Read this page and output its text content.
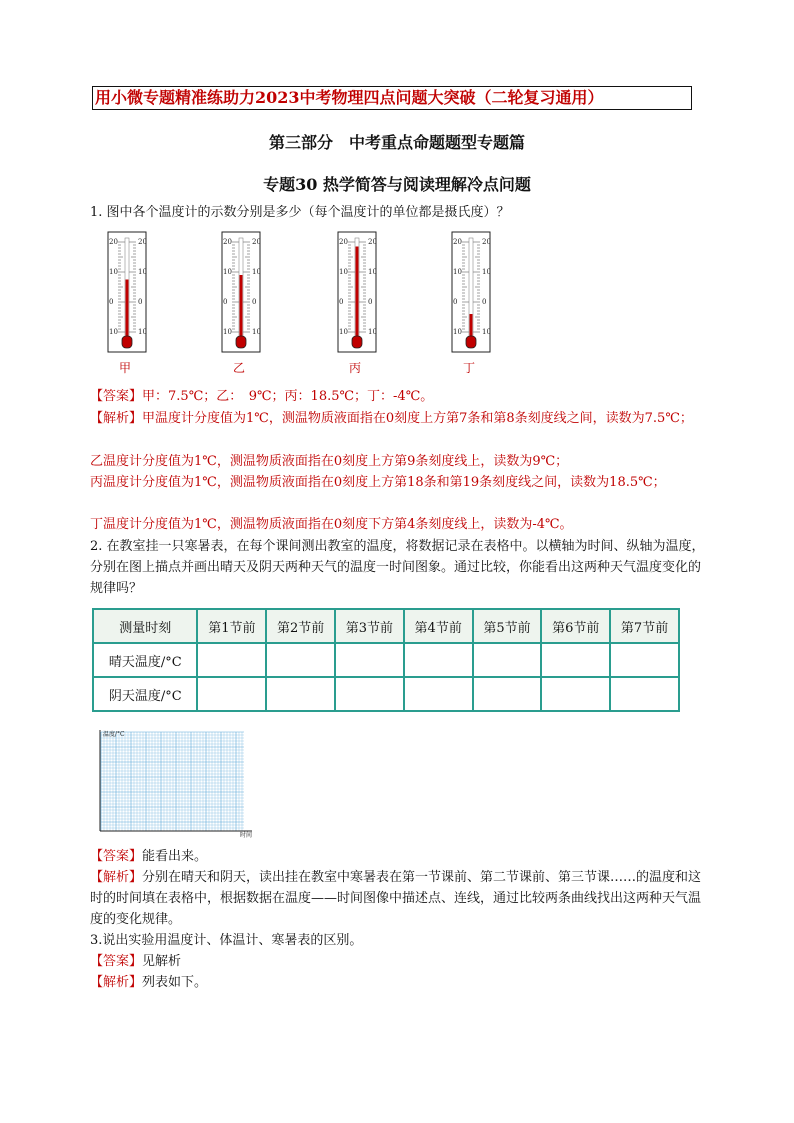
用小微专题精准练助力2023中考物理四点问题大突破（二轮复习通用）
第三部分　中考重点命题题型专题篇
专题30 热学简答与阅读理解冷点问题
1. 图中各个温度计的示数分别是多少（每个温度计的单位都是摄氏度）？
20	20
10	10
0	0
10	10
甲
20	20
10	10
0	0
10	10
乙
20	20
10	10
0	0
10	10
丙
20	20
10	10
0	0
10	10
丁
【答案】甲：7.5℃；乙：　9℃；丙：18.5℃；丁：-4℃。
【解析】甲温度计分度值为1℃，测温物质液面指在0刻度上方第7条和第8条刻度线之间，读数为7.5℃；
乙温度计分度值为1℃，测温物质液面指在0刻度上方第9条刻度线上，读数为9℃；
丙温度计分度值为1℃，测温物质液面指在0刻度上方第18条和第19条刻度线之间，读数为18.5℃；
丁温度计分度值为1℃，测温物质液面指在0刻度下方第4条刻度线上，读数为-4℃。
2. 在教室挂一只寒暑表，在每个课间测出教室的温度，将数据记录在表格中。以横轴为时间、纵轴为温度，分别在图上描点并画出晴天及阴天两种天气的温度一时间图象。通过比较，你能看出这两种天气温度变化的规律吗？
测量时刻	第1节前	第2节前	第3节前	第4节前	第5节前	第6节前	第7节前
晴天温度/°C							
阴天温度/°C							
温度/°C
时间
【答案】能看出来。
【解析】分别在晴天和阴天，读出挂在教室中寒暑表在第一节课前、第二节课前、第三节课……的温度和这时的时间填在表格中，根据数据在温度——时间图像中描述点、连线，通过比较两条曲线找出这两种天气温度的变化规律。
3.说出实验用温度计、体温计、寒暑表的区别。
【答案】见解析
【解析】列表如下。
